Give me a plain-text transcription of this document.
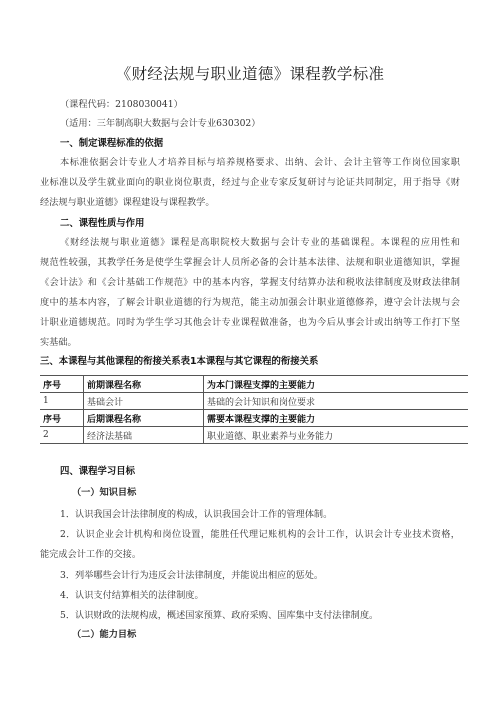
《财经法规与职业道德》课程教学标准
（课程代码：2108030041）
（适用：三年制高职大数据与会计专业630302）
一、制定课程标准的依据
本标准依据会计专业人才培养目标与培养规格要求、出纳、会计、会计主管等工作岗位国家职
业标准以及学生就业面向的职业岗位职责，经过与企业专家反复研讨与论证共同制定，用于指导《财
经法规与职业道德》课程建设与课程教学。
二、课程性质与作用
《财经法规与职业道德》课程是高职院校大数据与会计专业的基础课程。本课程的应用性和
规范性较强，其教学任务是使学生掌握会计人员所必备的会计基本法律、法规和职业道德知识，掌握
《会计法》和《会计基础工作规范》中的基本内容，掌握支付结算办法和税收法律制度及财政法律制
度中的基本内容，了解会计职业道德的行为规范，能主动加强会计职业道德修养，遵守会计法规与会
计职业道德规范。同时为学生学习其他会计专业课程做准备，也为今后从事会计或出纳等工作打下坚
实基础。
三、本课程与其他课程的衔接关系表1本课程与其它课程的衔接关系
序号	前期课程名称	为本门课程支撑的主要能力
1	基础会计	基础的会计知识和岗位要求
序号	后期课程名称	需要本课程支撑的主要能力
2	经济法基础	职业道德、职业素养与业务能力
四、课程学习目标
（一）知识目标
1．认识我国会计法律制度的构成，认识我国会计工作的管理体制。
2．认识企业会计机构和岗位设置，能胜任代理记账机构的会计工作，认识会计专业技术资格，
能完成会计工作的交接。
3．列举哪些会计行为违反会计法律制度，并能说出相应的惩处。
4．认识支付结算相关的法律制度。
5．认识财政的法规构成，概述国家预算、政府采购、国库集中支付法律制度。
（二）能力目标
